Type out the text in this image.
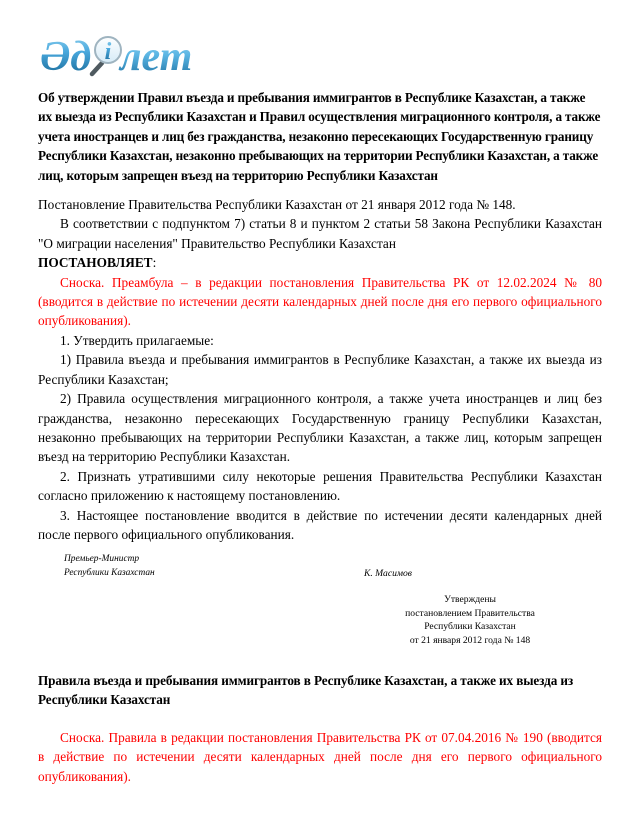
Әд i лет
Об утверждении Правил въезда и пребывания иммигрантов в Республике Казахстан, а также их выезда из Республики Казахстан и Правил осуществления миграционного контроля, а также учета иностранцев и лиц без гражданства, незаконно пересекающих Государственную границу Республики Казахстан, незаконно пребывающих на территории Республики Казахстан, а также лиц, которым запрещен въезд на территорию Республики Казахстан

Постановление Правительства Республики Казахстан от 21 января 2012 года № 148.

В соответствии с подпунктом 7) статьи 8 и пунктом 2 статьи 58 Закона Республики Казахстан "О миграции населения" Правительство Республики Казахстан

ПОСТАНОВЛЯЕТ:

Сноска. Преамбула – в редакции постановления Правительства РК от 12.02.2024 № 80 (вводится в действие по истечении десяти календарных дней после дня его первого официального опубликования).

1. Утвердить прилагаемые:

1) Правила въезда и пребывания иммигрантов в Республике Казахстан, а также их выезда из Республики Казахстан;

2) Правила осуществления миграционного контроля, а также учета иностранцев и лиц без гражданства, незаконно пересекающих Государственную границу Республики Казахстан, незаконно пребывающих на территории Республики Казахстан, а также лиц, которым запрещен въезд на территорию Республики Казахстан.

2. Признать утратившими силу некоторые решения Правительства Республики Казахстан согласно приложению к настоящему постановлению.

3. Настоящее постановление вводится в действие по истечении десяти календарных дней после первого официального опубликования.

Премьер-Министр
Республики Казахстан	К. Масимов
Утверждены
постановлением Правительства
Республики Казахстан
от 21 января 2012 года № 148
Правила въезда и пребывания иммигрантов в Республике Казахстан, а также их выезда из Республики Казахстан

Сноска. Правила в редакции постановления Правительства РК от 07.04.2016 № 190 (вводится в действие по истечении десяти календарных дней после дня его первого официального опубликования).
